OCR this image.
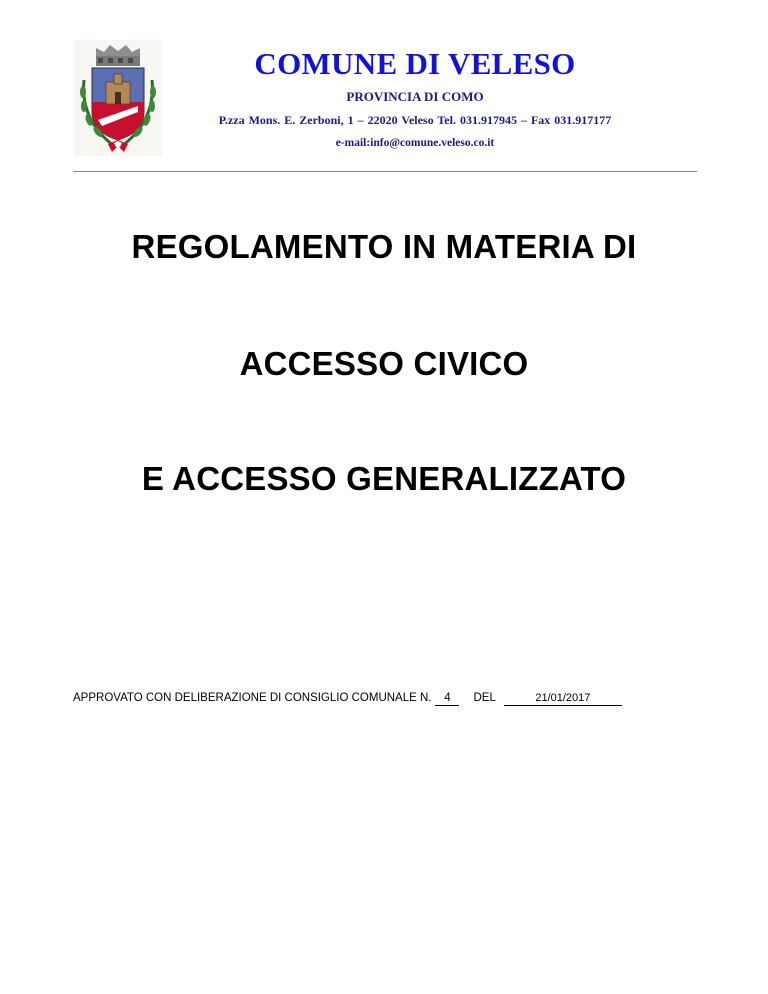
COMUNE DI VELESO
PROVINCIA DI COMO
P.zza Mons. E. Zerboni, 1 – 22020 Veleso Tel. 031.917945 – Fax 031.917177
e-mail:info@comune.veleso.co.it
REGOLAMENTO IN MATERIA DI
ACCESSO CIVICO
E ACCESSO GENERALIZZATO
APPROVATO CON DELIBERAZIONE DI CONSIGLIO COMUNALE N.	4	DEL	21/01/2017
